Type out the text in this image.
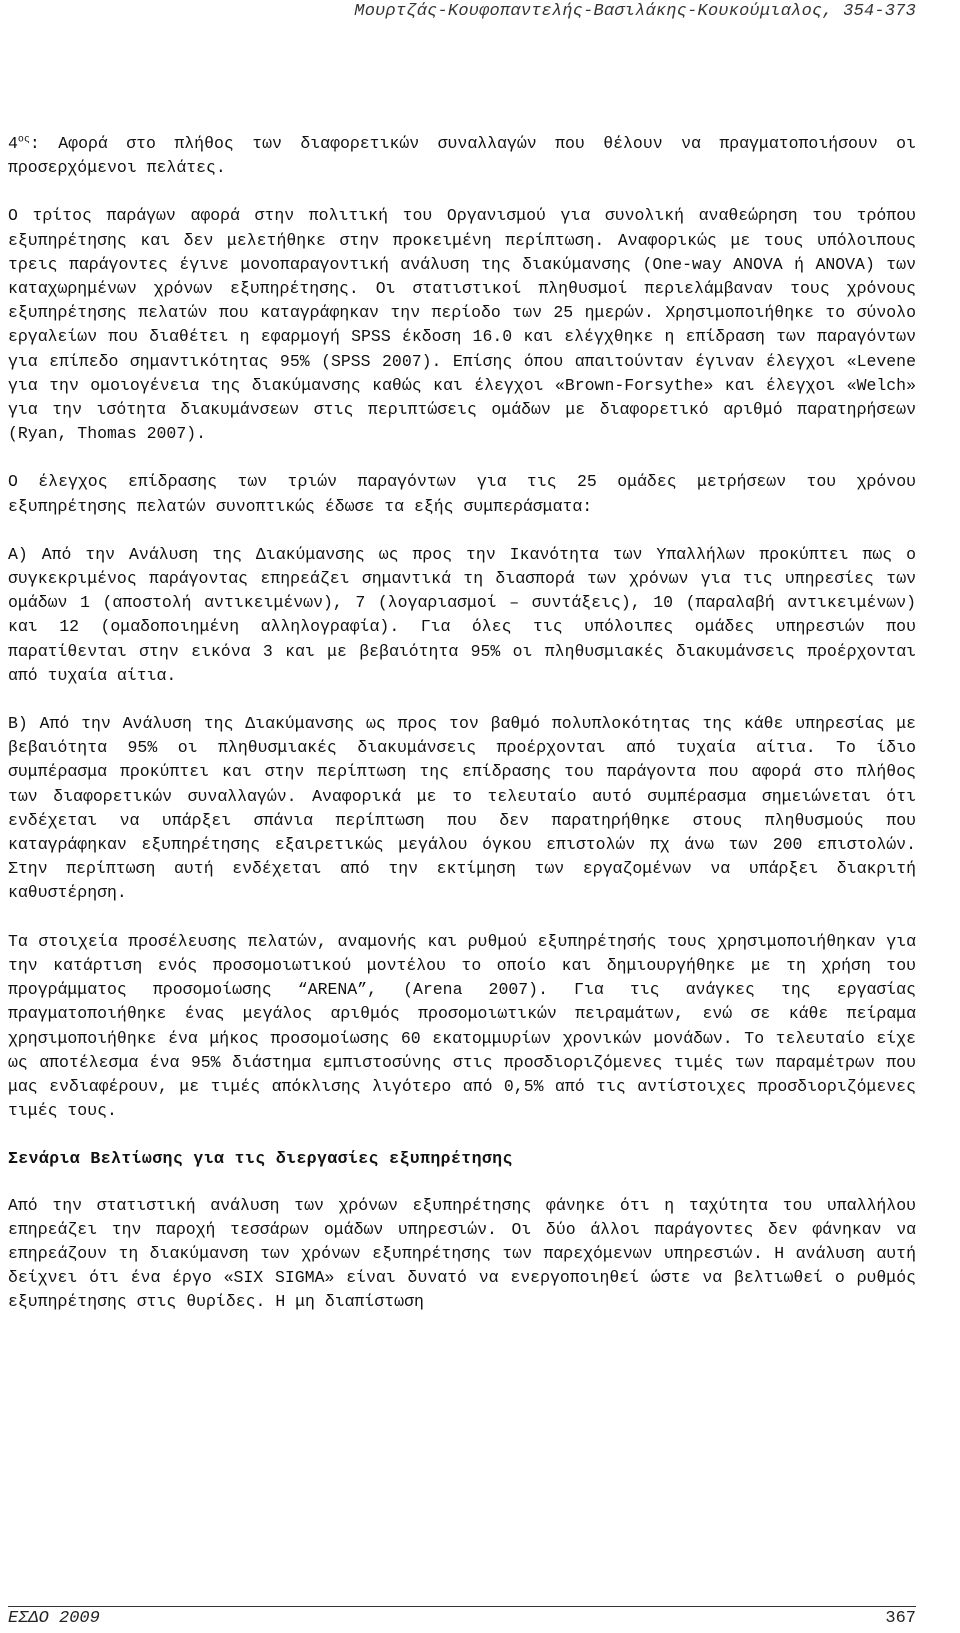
Μουρτζάς-Κουφοπαντελής-Βασιλάκης-Κουκούμιαλος, 354-373

$4^{o\varsigma}$: Αφορά στο πλήθος των διαφορετικών συναλλαγών που θέλουν να πραγματοποιήσουν οι προσερχόμενοι πελάτες.

Ο τρίτος παράγων αφορά στην πολιτική του Οργανισμού για συνολική αναθεώρηση του τρόπου εξυπηρέτησης και δεν μελετήθηκε στην προκειμένη περίπτωση. Αναφορικώς με τους υπόλοιπους τρεις παράγοντες έγινε μονοπαραγοντική ανάλυση της διακύμανσης (One-way ANOVA ή ANOVA) των καταχωρημένων χρόνων εξυπηρέτησης. Οι στατιστικοί πληθυσμοί περιελάμβαναν τους χρόνους εξυπηρέτησης πελατών που καταγράφηκαν την περίοδο των 25 ημερών. Χρησιμοποιήθηκε το σύνολο εργαλείων που διαθέτει η εφαρμογή SPSS έκδοση 16.0 και ελέγχθηκε η επίδραση των παραγόντων για επίπεδο σημαντικότητας 95% (SPSS 2007). Επίσης όπου απαιτούνταν έγιναν έλεγχοι «Levene για την ομοιογένεια της διακύμανσης καθώς και έλεγχοι «Brown-Forsythe» και έλεγχοι «Welch» για την ισότητα διακυμάνσεων στις περιπτώσεις ομάδων με διαφορετικό αριθμό παρατηρήσεων (Ryan, Thomas 2007).

Ο έλεγχος επίδρασης των τριών παραγόντων για τις 25 ομάδες μετρήσεων του χρόνου εξυπηρέτησης πελατών συνοπτικώς έδωσε τα εξής συμπεράσματα:

Α) Από την Ανάλυση της Διακύμανσης ως προς την Ικανότητα των Υπαλλήλων προκύπτει πως ο συγκεκριμένος παράγοντας επηρεάζει σημαντικά τη διασπορά των χρόνων για τις υπηρεσίες των ομάδων 1 (αποστολή αντικειμένων), 7 (λογαριασμοί – συντάξεις), 10 (παραλαβή αντικειμένων) και 12 (ομαδοποιημένη αλληλογραφία). Για όλες τις υπόλοιπες ομάδες υπηρεσιών που παρατίθενται στην εικόνα 3 και με βεβαιότητα 95% οι πληθυσμιακές διακυμάνσεις προέρχονται από τυχαία αίτια.

Β) Από την Ανάλυση της Διακύμανσης ως προς τον βαθμό πολυπλοκότητας της κάθε υπηρεσίας με βεβαιότητα 95% οι πληθυσμιακές διακυμάνσεις προέρχονται από τυχαία αίτια. Το ίδιο συμπέρασμα προκύπτει και στην περίπτωση της επίδρασης του παράγοντα που αφορά στο πλήθος των διαφορετικών συναλλαγών. Αναφορικά με το τελευταίο αυτό συμπέρασμα σημειώνεται ότι ενδέχεται να υπάρξει σπάνια περίπτωση που δεν παρατηρήθηκε στους πληθυσμούς που καταγράφηκαν εξυπηρέτησης εξαιρετικώς μεγάλου όγκου επιστολών πχ άνω των 200 επιστολών. Στην περίπτωση αυτή ενδέχεται από την εκτίμηση των εργαζομένων να υπάρξει διακριτή καθυστέρηση.

Τα στοιχεία προσέλευσης πελατών, αναμονής και ρυθμού εξυπηρέτησής τους χρησιμοποιήθηκαν για την κατάρτιση ενός προσομοιωτικού μοντέλου το οποίο και δημιουργήθηκε με τη χρήση του προγράμματος προσομοίωσης “ARENA”, (Arena 2007). Για τις ανάγκες της εργασίας πραγματοποιήθηκε ένας μεγάλος αριθμός προσομοιωτικών πειραμάτων, ενώ σε κάθε πείραμα χρησιμοποιήθηκε ένα μήκος προσομοίωσης 60 εκατομμυρίων χρονικών μονάδων. Το τελευταίο είχε ως αποτέλεσμα ένα 95% διάστημα εμπιστοσύνης στις προσδιοριζόμενες τιμές των παραμέτρων που μας ενδιαφέρουν, με τιμές απόκλισης λιγότερο από 0,5% από τις αντίστοιχες προσδιοριζόμενες τιμές τους.

Σενάρια Βελτίωσης για τις διεργασίες εξυπηρέτησης

Από την στατιστική ανάλυση των χρόνων εξυπηρέτησης φάνηκε ότι η ταχύτητα του υπαλλήλου επηρεάζει την παροχή τεσσάρων ομάδων υπηρεσιών. Οι δύο άλλοι παράγοντες δεν φάνηκαν να επηρεάζουν τη διακύμανση των χρόνων εξυπηρέτησης των παρεχόμενων υπηρεσιών. Η ανάλυση αυτή δείχνει ότι ένα έργο «SIX SIGMA» είναι δυνατό να ενεργοποιηθεί ώστε να βελτιωθεί ο ρυθμός εξυπηρέτησης στις θυρίδες. Η μη διαπίστωση

ΕΣΔΟ 2009	367
